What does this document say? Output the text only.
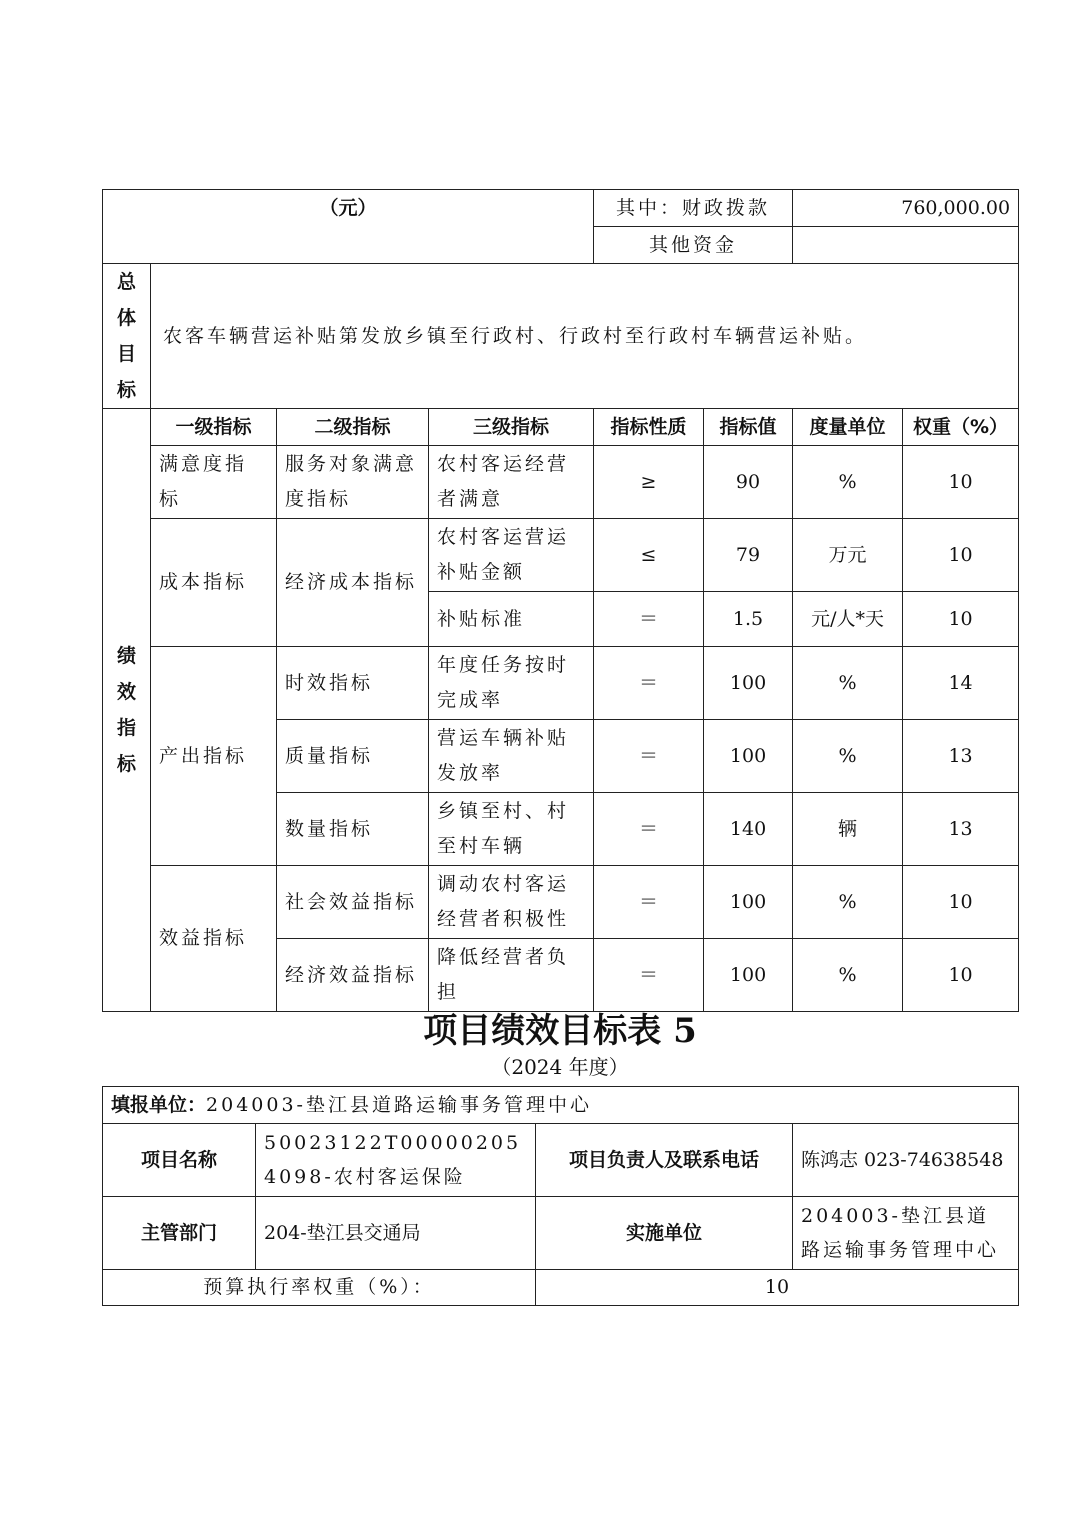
（元）				其中：财政拨款		760,000.00	
				其他资金			

总
体
目
标	农客车辆营运补贴第发放乡镇至行政村、行政村至行政村车辆营运补贴。						

绩
效
指
标	一级指标	二级指标	三级指标	指标性质	指标值	度量单位	权重（%）
	满意度指标	服务对象满意度指标	农村客运经营者满意	≥	90	%	10
	成本指标	经济成本指标	农村客运营运补贴金额	≤	79	万元	10
			补贴标准	＝	1.5	元/人*天	10
	产出指标	时效指标	年度任务按时完成率	＝	100	%	14
		质量指标	营运车辆补贴发放率	＝	100	%	13
		数量指标	乡镇至村、村至村车辆	＝	140	辆	13
	效益指标	社会效益指标	调动农村客运经营者积极性	＝	100	%	10
		经济效益指标	降低经营者负担	＝	100	%	10
项目绩效目标表 5
（2024 年度）
填报单位：204003-垫江县道路运输事务管理中心			
项目名称	50023122T000002054098-农村客运保险	项目负责人及联系电话	陈鸿志 023-74638548
主管部门	204-垫江县交通局	实施单位	204003-垫江县道路运输事务管理中心
预算执行率权重（%）：		10	
